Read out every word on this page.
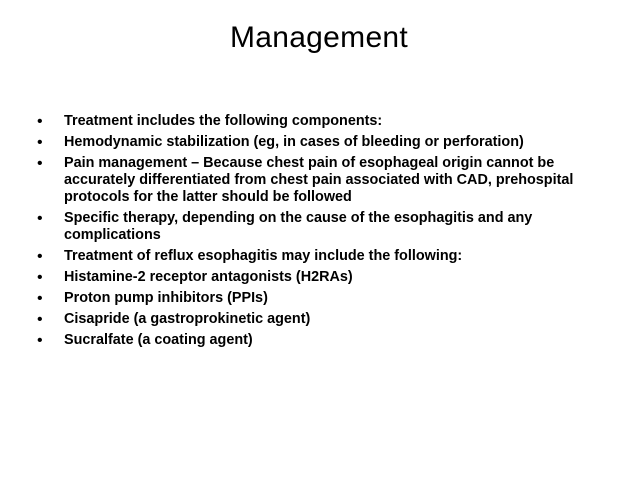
Management
•	Treatment includes the following components:
•	Hemodynamic stabilization (eg, in cases of bleeding or perforation)
•	Pain management – Because chest pain of esophageal origin cannot be accurately differentiated from chest pain associated with CAD, prehospital protocols for the latter should be followed
•	Specific therapy, depending on the cause of the esophagitis and any complications
•	Treatment of reflux esophagitis may include the following:
•	Histamine-2 receptor antagonists (H2RAs)
•	Proton pump inhibitors (PPIs)
•	Cisapride (a gastroprokinetic agent)
•	Sucralfate (a coating agent)
